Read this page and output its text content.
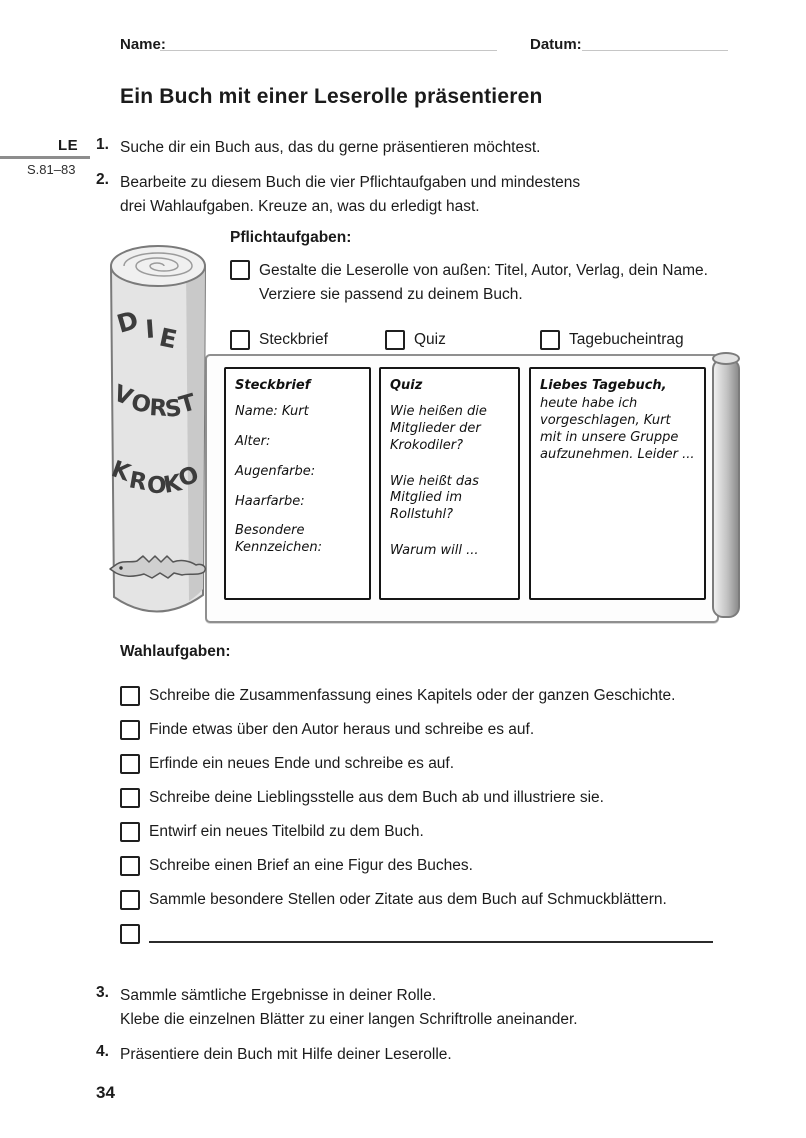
Name:	Datum:
Ein Buch mit einer Leserolle präsentieren
LE
S.81–83
1. Suche dir ein Buch aus, das du gerne präsentieren möchtest.
2. Bearbeite zu diesem Buch die vier Pflichtaufgaben und mindestens
drei Wahlaufgaben. Kreuze an, was du erledigt hast.
D I E
V
O
R
S
T
K
R
O
K
O
Pflichtaufgaben:
Gestalte die Leserolle von außen: Titel, Autor, Verlag, dein Name.
Verziere sie passend zu deinem Buch.
Steckbrief	Quiz	Tagebucheintrag
Steckbrief
Name: Kurt
Alter:
Augenfarbe:
Haarfarbe:
Besondere Kennzeichen:
Quiz
Wie heißen die Mitglieder der Krokodiler?
Wie heißt das Mitglied im Rollstuhl?
Warum will ...
Liebes Tagebuch,
heute habe ich vorgeschlagen, Kurt mit in unsere Gruppe aufzunehmen. Leider ...
Wahlaufgaben:
Schreibe die Zusammenfassung eines Kapitels oder der ganzen Geschichte.
Finde etwas über den Autor heraus und schreibe es auf.
Erfinde ein neues Ende und schreibe es auf.
Schreibe deine Lieblingsstelle aus dem Buch ab und illustriere sie.
Entwirf ein neues Titelbild zu dem Buch.
Schreibe einen Brief an eine Figur des Buches.
Sammle besondere Stellen oder Zitate aus dem Buch auf Schmuckblättern.
3. Sammle sämtliche Ergebnisse in deiner Rolle.
Klebe die einzelnen Blätter zu einer langen Schriftrolle aneinander.
4. Präsentiere dein Buch mit Hilfe deiner Leserolle.
34
